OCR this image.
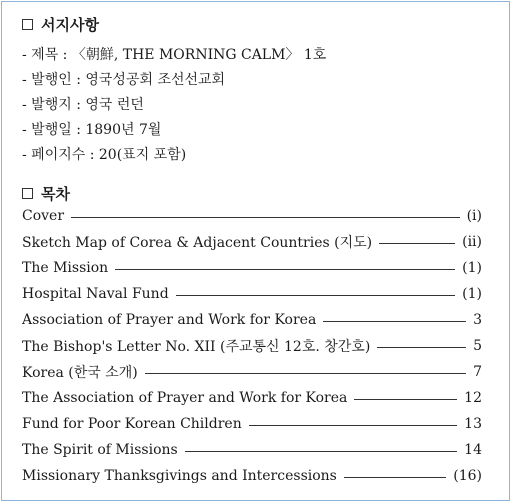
서지사항
- 제목 : 〈朝鮮, THE MORNING CALM〉 1호
- 발행인 : 영국성공회 조선선교회
- 발행지 : 영국 런던
- 발행일 : 1890년 7월
- 페이지수 : 20(표지 포함)
목차
Cover	(i)
Sketch Map of Corea & Adjacent Countries (지도)	(ii)
The Mission	(1)
Hospital Naval Fund	(1)
Association of Prayer and Work for Korea	3
The Bishop's Letter No. XII (주교통신 12호. 창간호)	5
Korea (한국 소개)	7
The Association of Prayer and Work for Korea	12
Fund for Poor Korean Children	13
The Spirit of Missions	14
Missionary Thanksgivings and Intercessions	(16)
